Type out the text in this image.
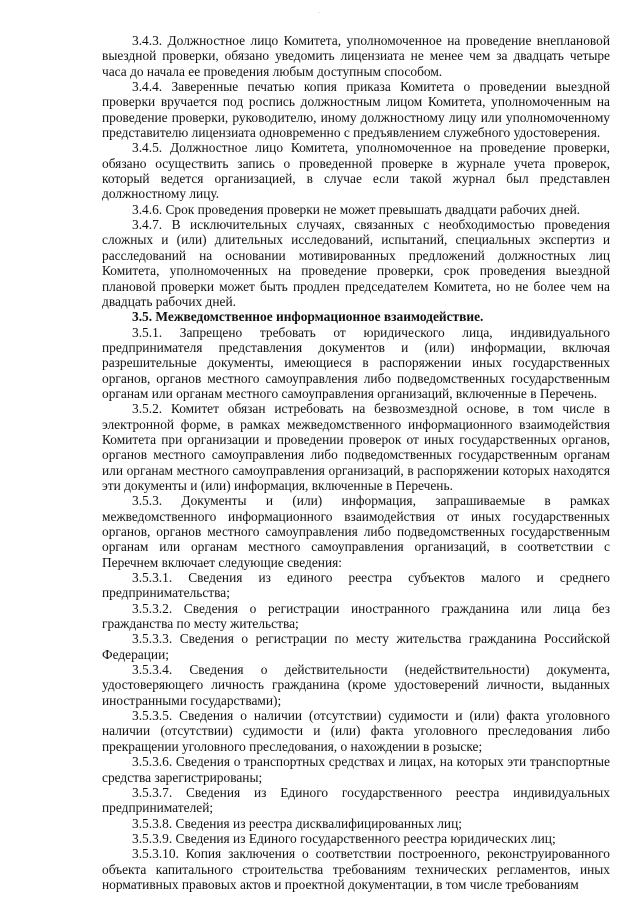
·

3.4.3. Должностное лицо Комитета, уполномоченное на проведение внеплановой выездной проверки, обязано уведомить лицензиата не менее чем за двадцать четыре часа до начала ее проведения любым доступным способом.

3.4.4. Заверенные печатью копия приказа Комитета о проведении выездной проверки вручается под роспись должностным лицом Комитета, уполномоченным на проведение проверки, руководителю, иному должностному лицу или уполномоченному представителю лицензиата одновременно с предъявлением служебного удостоверения.

3.4.5. Должностное лицо Комитета, уполномоченное на проведение проверки, обязано осуществить запись о проведенной проверке в журнале учета проверок, который ведется организацией, в случае если такой журнал был представлен должностному лицу.

3.4.6. Срок проведения проверки не может превышать двадцати рабочих дней.

3.4.7. В исключительных случаях, связанных с необходимостью проведения сложных и (или) длительных исследований, испытаний, специальных экспертиз и расследований на основании мотивированных предложений должностных лиц Комитета, уполномоченных на проведение проверки, срок проведения выездной плановой проверки может быть продлен председателем Комитета, но не более чем на двадцать рабочих дней.

3.5. Межведомственное информационное взаимодействие.

3.5.1. Запрещено требовать от юридического лица, индивидуального предпринимателя представления документов и (или) информации, включая разрешительные документы, имеющиеся в распоряжении иных государственных органов, органов местного самоуправления либо подведомственных государственным органам или органам местного самоуправления организаций, включенные в Перечень.

3.5.2. Комитет обязан истребовать на безвозмездной основе, в том числе в электронной форме, в рамках межведомственного информационного взаимодействия Комитета при организации и проведении проверок от иных государственных органов, органов местного самоуправления либо подведомственных государственным органам или органам местного самоуправления организаций, в распоряжении которых находятся эти документы и (или) информация, включенные в Перечень.

3.5.3. Документы и (или) информация, запрашиваемые в рамках межведомственного информационного взаимодействия от иных государственных органов, органов местного самоуправления либо подведомственных государственным органам или органам местного самоуправления организаций, в соответствии с Перечнем включает следующие сведения:

3.5.3.1. Сведения из единого реестра субъектов малого и среднего предпринимательства;

3.5.3.2. Сведения о регистрации иностранного гражданина или лица без гражданства по месту жительства;

3.5.3.3. Сведения о регистрации по месту жительства гражданина Российской Федерации;

3.5.3.4. Сведения о действительности (недействительности) документа, удостоверяющего личность гражданина (кроме удостоверений личности, выданных иностранными государствами);

3.5.3.5. Сведения о наличии (отсутствии) судимости и (или) факта уголовного наличии (отсутствии) судимости и (или) факта уголовного преследования либо прекращении уголовного преследования, о нахождении в розыске;

3.5.3.6. Сведения о транспортных средствах и лицах, на которых эти транспортные средства зарегистрированы;

3.5.3.7. Сведения из Единого государственного реестра индивидуальных предпринимателей;

3.5.3.8. Сведения из реестра дисквалифицированных лиц;

3.5.3.9. Сведения из Единого государственного реестра юридических лиц;

3.5.3.10. Копия заключения о соответствии построенного, реконструированного объекта капитального строительства требованиям технических регламентов, иных нормативных правовых актов и проектной документации, в том числе требованиям
